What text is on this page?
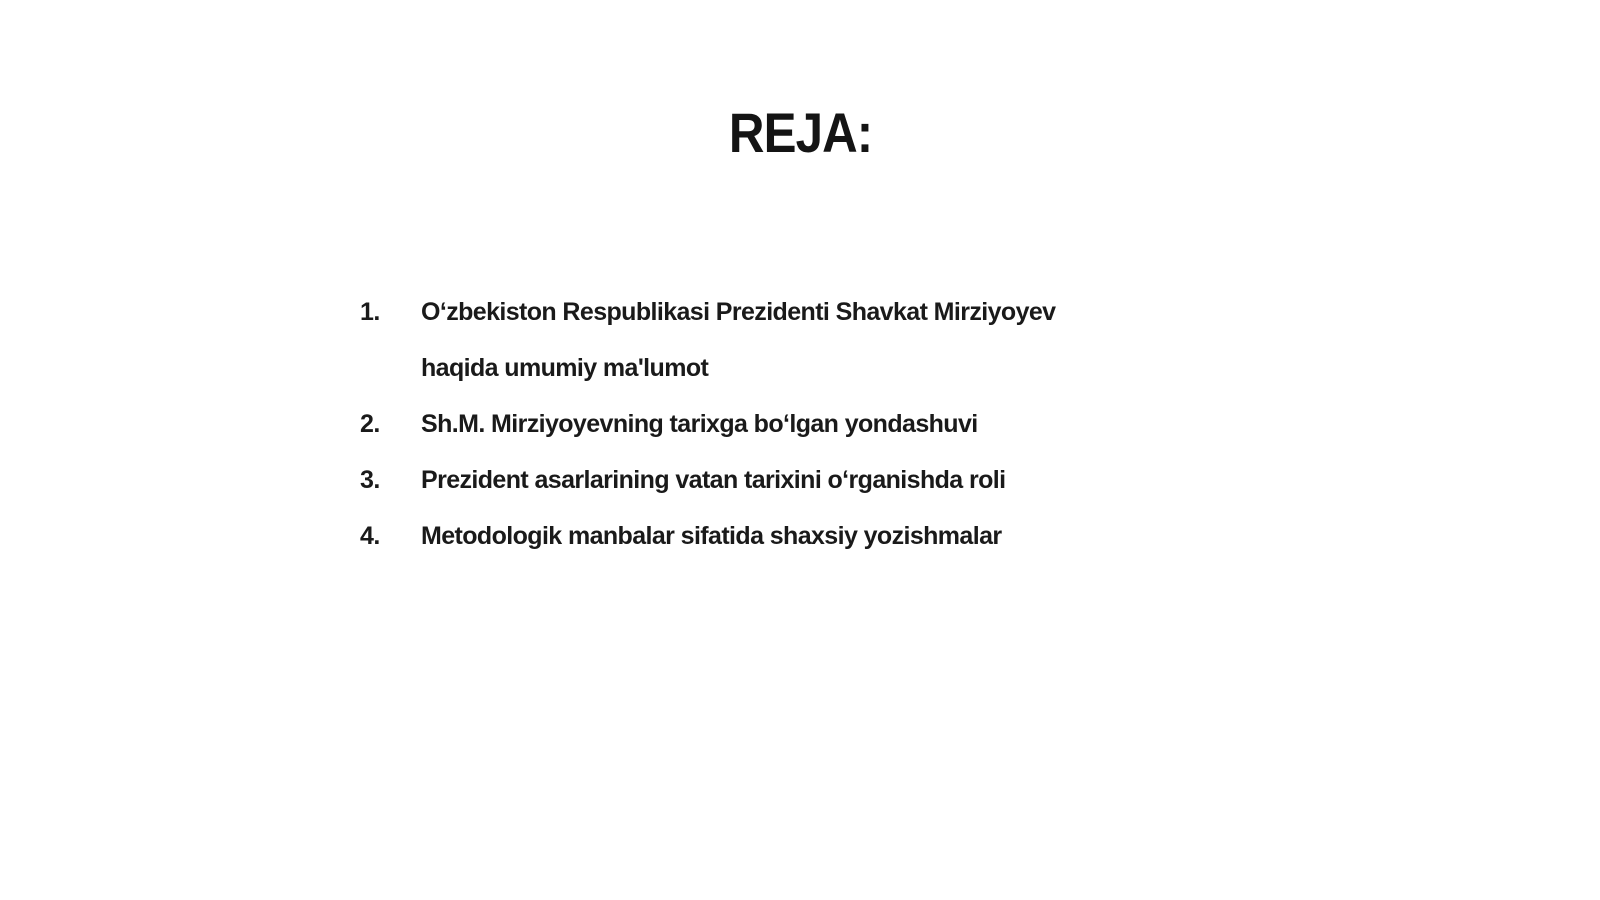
REJA:
1.	O‘zbekiston Respublikasi Prezidenti Shavkat Mirziyoyev haqida umumiy ma'lumot
2.	Sh.M. Mirziyoyevning tarixga bo‘lgan yondashuvi
3.	Prezident asarlarining vatan tarixini o‘rganishda roli
4.	Metodologik manbalar sifatida shaxsiy yozishmalar
